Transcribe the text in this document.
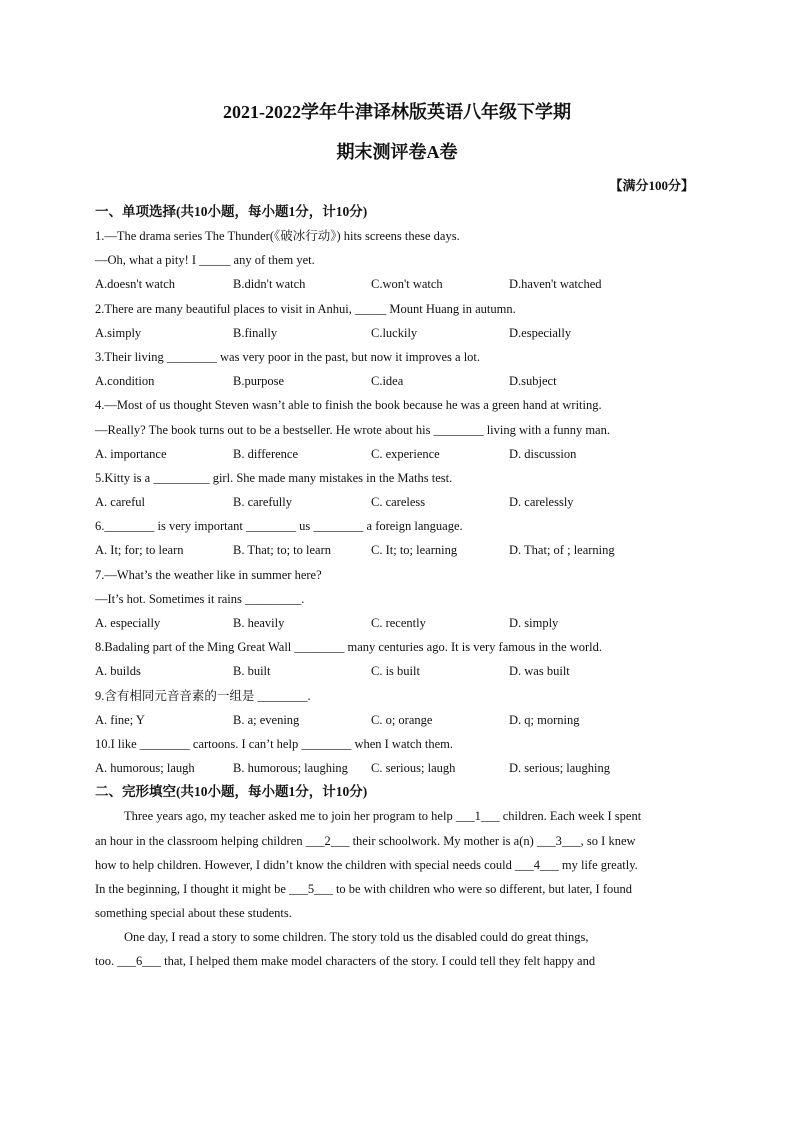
2021-2022学年牛津译林版英语八年级下学期
期末测评卷A卷
【满分100分】
一、单项选择(共10小题，每小题1分，计10分)
1.—The drama series The Thunder(《破冰行动》) hits screens these days.
—Oh, what a pity! I _____ any of them yet.
A.doesn't watch	B.didn't watch	C.won't watch	D.haven't watched
2.There are many beautiful places to visit in Anhui, _____ Mount Huang in autumn.
A.simply	B.finally	C.luckily	D.especially
3.Their living ________ was very poor in the past, but now it improves a lot.
A.condition	B.purpose	C.idea	D.subject
4.—Most of us thought Steven wasn’t able to finish the book because he was a green hand at writing.
—Really? The book turns out to be a bestseller. He wrote about his ________ living with a funny man.
A. importance	B. difference	C. experience	D. discussion
5.Kitty is a _________ girl. She made many mistakes in the Maths test.
A. careful	B. carefully	C. careless	D. carelessly
6.________ is very important ________ us ________ a foreign language.
A. It; for; to learn	B. That; to; to learn	C. It; to; learning	D. That; of ; learning
7.—What’s the weather like in summer here?
—It’s hot. Sometimes it rains _________.
A. especially	B. heavily	C. recently	D. simply
8.Badaling part of the Ming Great Wall ________ many centuries ago. It is very famous in the world.
A. builds	B. built	C. is built	D. was built
9.含有相同元音音素的一组是 ________.
A. fine; Y	B. a; evening	C. o; orange	D. q; morning
10.I like ________ cartoons. I can’t help ________ when I watch them.
A. humorous; laugh	B. humorous; laughing	C. serious; laugh	D. serious; laughing
二、完形填空(共10小题，每小题1分，计10分)
Three years ago, my teacher asked me to join her program to help ___1___ children. Each week I spent
an hour in the classroom helping children ___2___ their schoolwork. My mother is a(n) ___3___, so I knew
how to help children. However, I didn’t know the children with special needs could ___4___ my life greatly.
In the beginning, I thought it might be ___5___ to be with children who were so different, but later, I found
something special about these students.
One day, I read a story to some children. The story told us the disabled could do great things,
too. ___6___ that, I helped them make model characters of the story. I could tell they felt happy and
